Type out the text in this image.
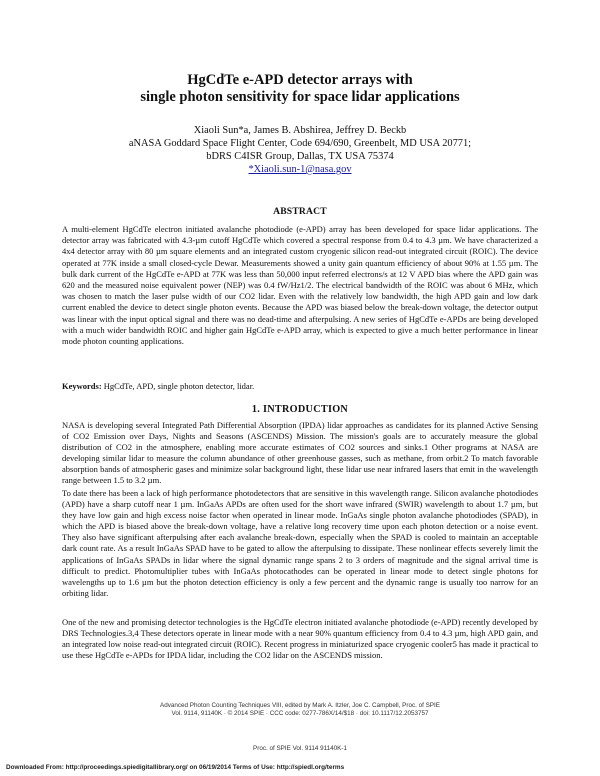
HgCdTe e-APD detector arrays with
single photon sensitivity for space lidar applications
Xiaoli Sun*a, James B. Abshirea, Jeffrey D. Beckb
aNASA Goddard Space Flight Center, Code 694/690, Greenbelt, MD USA 20771;
bDRS C4ISR Group, Dallas, TX USA 75374
*Xiaoli.sun-1@nasa.gov
ABSTRACT
A multi-element HgCdTe electron initiated avalanche photodiode (e-APD) array has been developed for space lidar applications. The detector array was fabricated with 4.3-µm cutoff HgCdTe which covered a spectral response from 0.4 to 4.3 µm. We have characterized a 4x4 detector array with 80 µm square elements and an integrated custom cryogenic silicon read-out integrated circuit (ROIC). The device operated at 77K inside a small closed-cycle Dewar. Measurements showed a unity gain quantum efficiency of about 90% at 1.55 µm. The bulk dark current of the HgCdTe e-APD at 77K was less than 50,000 input referred electrons/s at 12 V APD bias where the APD gain was 620 and the measured noise equivalent power (NEP) was 0.4 fW/Hz1/2. The electrical bandwidth of the ROIC was about 6 MHz, which was chosen to match the laser pulse width of our CO2 lidar. Even with the relatively low bandwidth, the high APD gain and low dark current enabled the device to detect single photon events. Because the APD was biased below the break-down voltage, the detector output was linear with the input optical signal and there was no dead-time and afterpulsing. A new series of HgCdTe e-APDs are being developed with a much wider bandwidth ROIC and higher gain HgCdTe e-APD array, which is expected to give a much better performance in linear mode photon counting applications.
Keywords: HgCdTe, APD, single photon detector, lidar.
1. INTRODUCTION
NASA is developing several Integrated Path Differential Absorption (IPDA) lidar approaches as candidates for its planned Active Sensing of CO2 Emission over Days, Nights and Seasons (ASCENDS) Mission. The mission's goals are to accurately measure the global distribution of CO2 in the atmosphere, enabling more accurate estimates of CO2 sources and sinks.1 Other programs at NASA are developing similar lidar to measure the column abundance of other greenhouse gasses, such as methane, from orbit.2 To match favorable absorption bands of atmospheric gases and minimize solar background light, these lidar use near infrared lasers that emit in the wavelength range between 1.5 to 3.2 µm.
To date there has been a lack of high performance photodetectors that are sensitive in this wavelength range. Silicon avalanche photodiodes (APD) have a sharp cutoff near 1 µm. InGaAs APDs are often used for the short wave infrared (SWIR) wavelength to about 1.7 µm, but they have low gain and high excess noise factor when operated in linear mode. InGaAs single photon avalanche photodiodes (SPAD), in which the APD is biased above the break-down voltage, have a relative long recovery time upon each photon detection or a noise event. They also have significant afterpulsing after each avalanche break-down, especially when the SPAD is cooled to maintain an acceptable dark count rate. As a result InGaAs SPAD have to be gated to allow the afterpulsing to dissipate. These nonlinear effects severely limit the applications of InGaAs SPADs in lidar where the signal dynamic range spans 2 to 3 orders of magnitude and the signal arrival time is difficult to predict. Photomultiplier tubes with InGaAs photocathodes can be operated in linear mode to detect single photons for wavelengths up to 1.6 µm but the photon detection efficiency is only a few percent and the dynamic range is usually too narrow for an orbiting lidar.
One of the new and promising detector technologies is the HgCdTe electron initiated avalanche photodiode (e-APD) recently developed by DRS Technologies.3,4 These detectors operate in linear mode with a near 90% quantum efficiency from 0.4 to 4.3 µm, high APD gain, and an integrated low noise read-out integrated circuit (ROIC). Recent progress in miniaturized space cryogenic cooler5 has made it practical to use these HgCdTe e-APDs for IPDA lidar, including the CO2 lidar on the ASCENDS mission.
Advanced Photon Counting Techniques VIII, edited by Mark A. Itzler, Joe C. Campbell, Proc. of SPIE
Vol. 9114, 91140K · © 2014 SPIE · CCC code: 0277-786X/14/$18 · doi: 10.1117/12.2053757
Proc. of SPIE Vol. 9114 91140K-1
Downloaded From: http://proceedings.spiedigitallibrary.org/ on 06/19/2014 Terms of Use: http://spiedl.org/terms
